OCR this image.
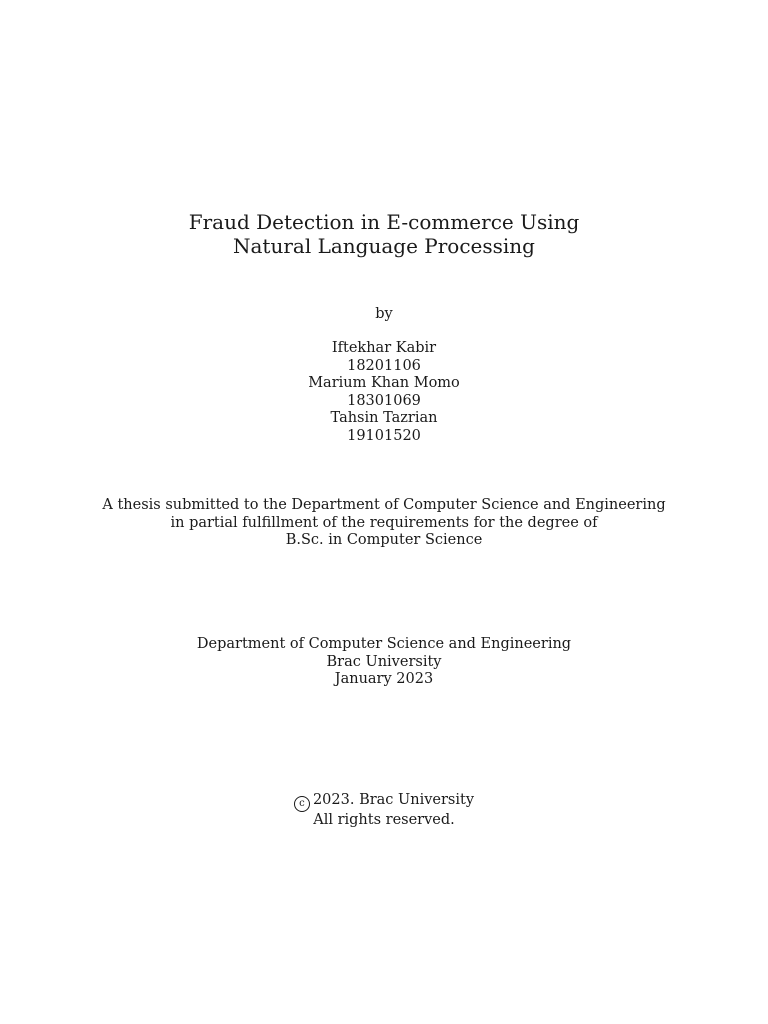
Fraud Detection in E-commerce Using
Natural Language Processing
by
Iftekhar Kabir
18201106
Marium Khan Momo
18301069
Tahsin Tazrian
19101520
A thesis submitted to the Department of Computer Science and Engineering
in partial fulfillment of the requirements for the degree of
B.Sc. in Computer Science
Department of Computer Science and Engineering
Brac University
January 2023
c 2023. Brac University
All rights reserved.
